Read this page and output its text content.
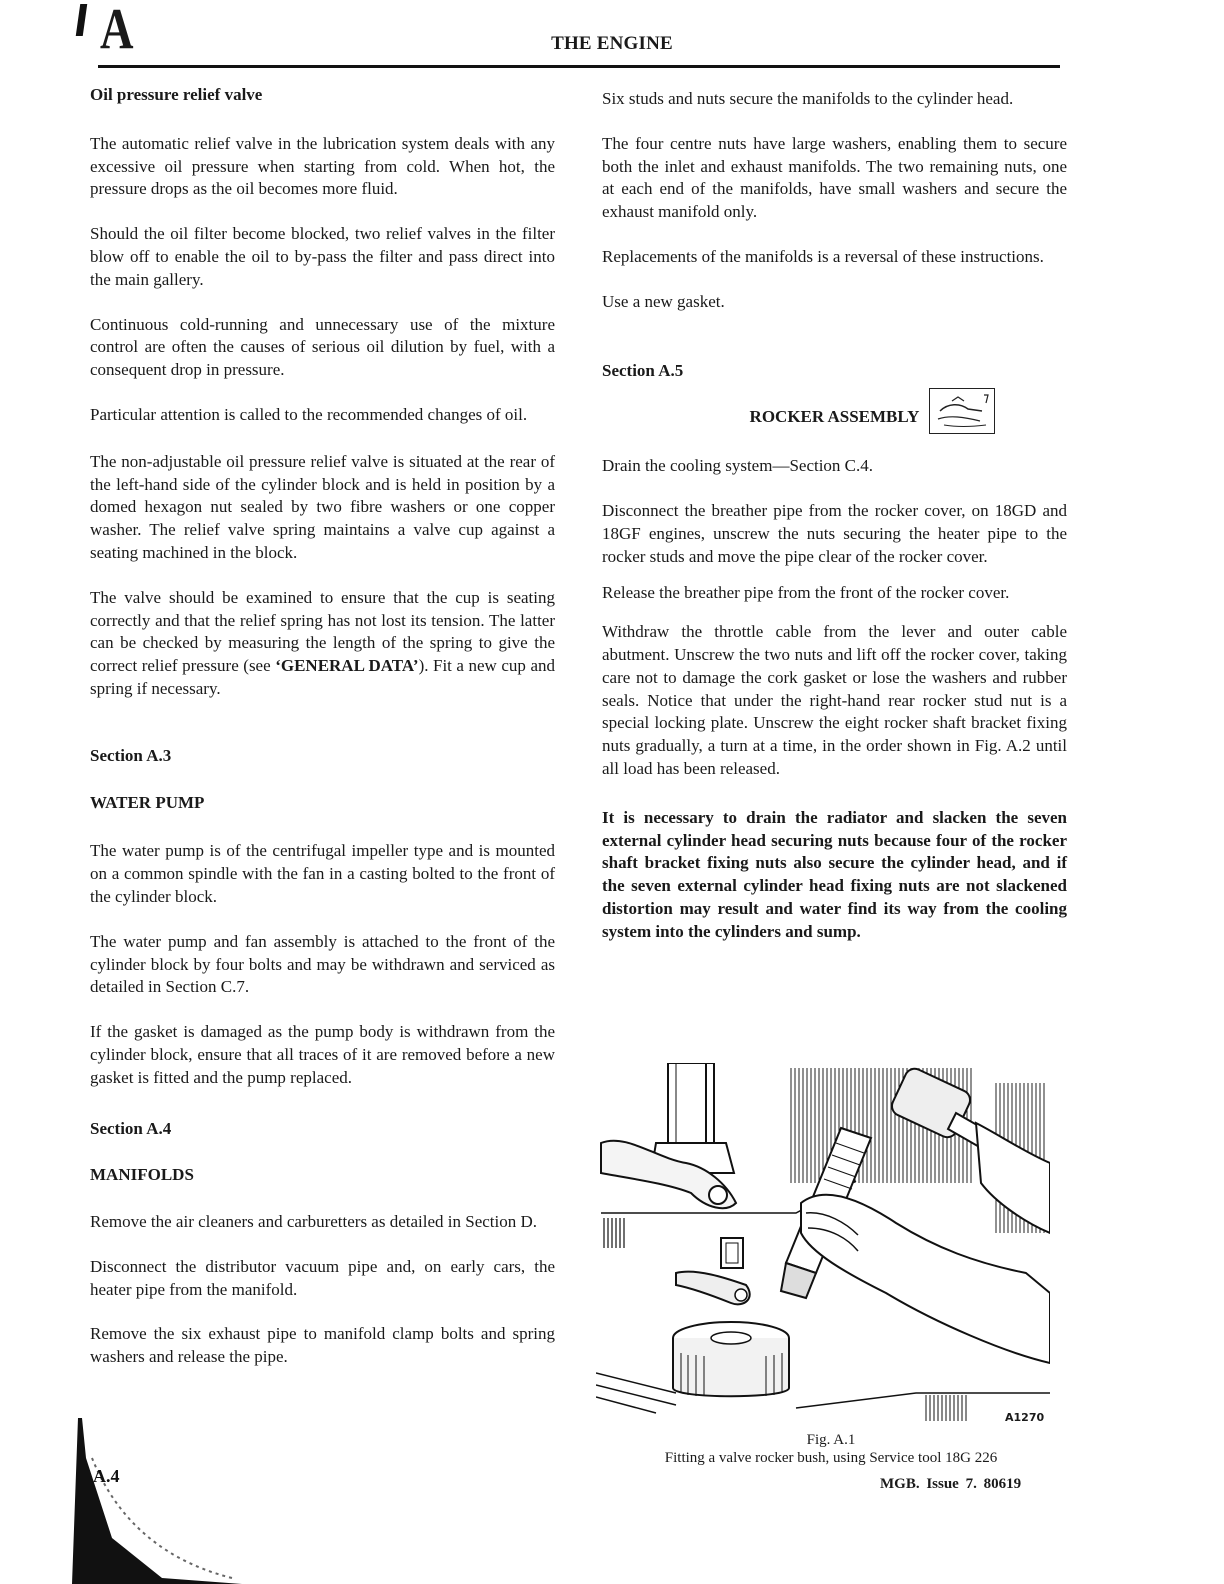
A	THE ENGINE

Oil pressure relief valve

The automatic relief valve in the lubrication system deals with any excessive oil pressure when starting from cold. When hot, the pressure drops as the oil becomes more fluid.

Should the oil filter become blocked, two relief valves in the filter blow off to enable the oil to by-pass the filter and pass direct into the main gallery.

Continuous cold-running and unnecessary use of the mixture control are often the causes of serious oil dilution by fuel, with a consequent drop in pressure.

Particular attention is called to the recommended changes of oil.

The non-adjustable oil pressure relief valve is situated at the rear of the left-hand side of the cylinder block and is held in position by a domed hexagon nut sealed by two fibre washers or one copper washer. The relief valve spring maintains a valve cup against a seating machined in the block.

The valve should be examined to ensure that the cup is seating correctly and that the relief spring has not lost its tension. The latter can be checked by measuring the length of the spring to give the correct relief pressure (see ‘GENERAL DATA’). Fit a new cup and spring if necessary.

Section A.3

WATER PUMP

The water pump is of the centrifugal impeller type and is mounted on a common spindle with the fan in a casting bolted to the front of the cylinder block.

The water pump and fan assembly is attached to the front of the cylinder block by four bolts and may be withdrawn and serviced as detailed in Section C.7.

If the gasket is damaged as the pump body is withdrawn from the cylinder block, ensure that all traces of it are removed before a new gasket is fitted and the pump replaced.

Section A.4

MANIFOLDS

Remove the air cleaners and carburetters as detailed in Section D.

Disconnect the distributor vacuum pipe and, on early cars, the heater pipe from the manifold.

Remove the six exhaust pipe to manifold clamp bolts and spring washers and release the pipe.

Six studs and nuts secure the manifolds to the cylinder head.

The four centre nuts have large washers, enabling them to secure both the inlet and exhaust manifolds. The two remaining nuts, one at each end of the manifolds, have small washers and secure the exhaust manifold only.

Replacements of the manifolds is a reversal of these instructions.

Use a new gasket.

Section A.5

ROCKER ASSEMBLY

Drain the cooling system—Section C.4.

Disconnect the breather pipe from the rocker cover, on 18GD and 18GF engines, unscrew the nuts securing the heater pipe to the rocker studs and move the pipe clear of the rocker cover.

Release the breather pipe from the front of the rocker cover.

Withdraw the throttle cable from the lever and outer cable abutment. Unscrew the two nuts and lift off the rocker cover, taking care not to damage the cork gasket or lose the washers and rubber seals. Notice that under the right-hand rear rocker stud nut is a special locking plate. Unscrew the eight rocker shaft bracket fixing nuts gradually, a turn at a time, in the order shown in Fig. A.2 until all load has been released.

It is necessary to drain the radiator and slacken the seven external cylinder head securing nuts because four of the rocker shaft bracket fixing nuts also secure the cylinder head, and if the seven external cylinder head fixing nuts are not slackened distortion may result and water find its way from the cooling system into the cylinders and sump.

A1270
Fig. A.1
Fitting a valve rocker bush, using Service tool 18G 226
A.4	MGB. Issue 7. 80619
